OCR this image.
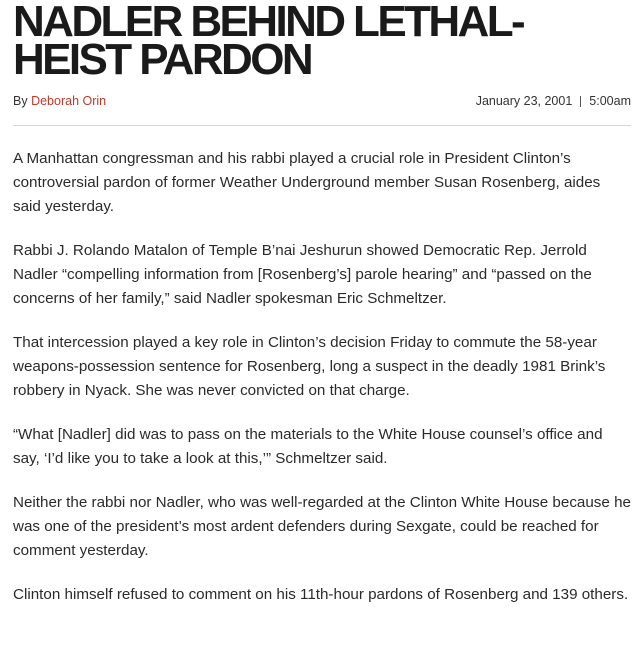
NADLER BEHIND LETHAL-
HEIST PARDON
By Deborah Orin	January 23, 2001 5:00am

A Manhattan congressman and his rabbi played a crucial role in President Clinton’s controversial pardon of former Weather Underground member Susan Rosenberg, aides said yesterday.

Rabbi J. Rolando Matalon of Temple B’nai Jeshurun showed Democratic Rep. Jerrold Nadler “compelling information from [Rosenberg’s] parole hearing” and “passed on the concerns of her family,” said Nadler spokesman Eric Schmeltzer.

That intercession played a key role in Clinton’s decision Friday to commute the 58-year weapons-possession sentence for Rosenberg, long a suspect in the deadly 1981 Brink’s robbery in Nyack. She was never convicted on that charge.

“What [Nadler] did was to pass on the materials to the White House counsel’s office and say, ‘I’d like you to take a look at this,’” Schmeltzer said.

Neither the rabbi nor Nadler, who was well-regarded at the Clinton White House because he was one of the president’s most ardent defenders during Sexgate, could be reached for comment yesterday.

Clinton himself refused to comment on his 11th-hour pardons of Rosenberg and 139 others.
